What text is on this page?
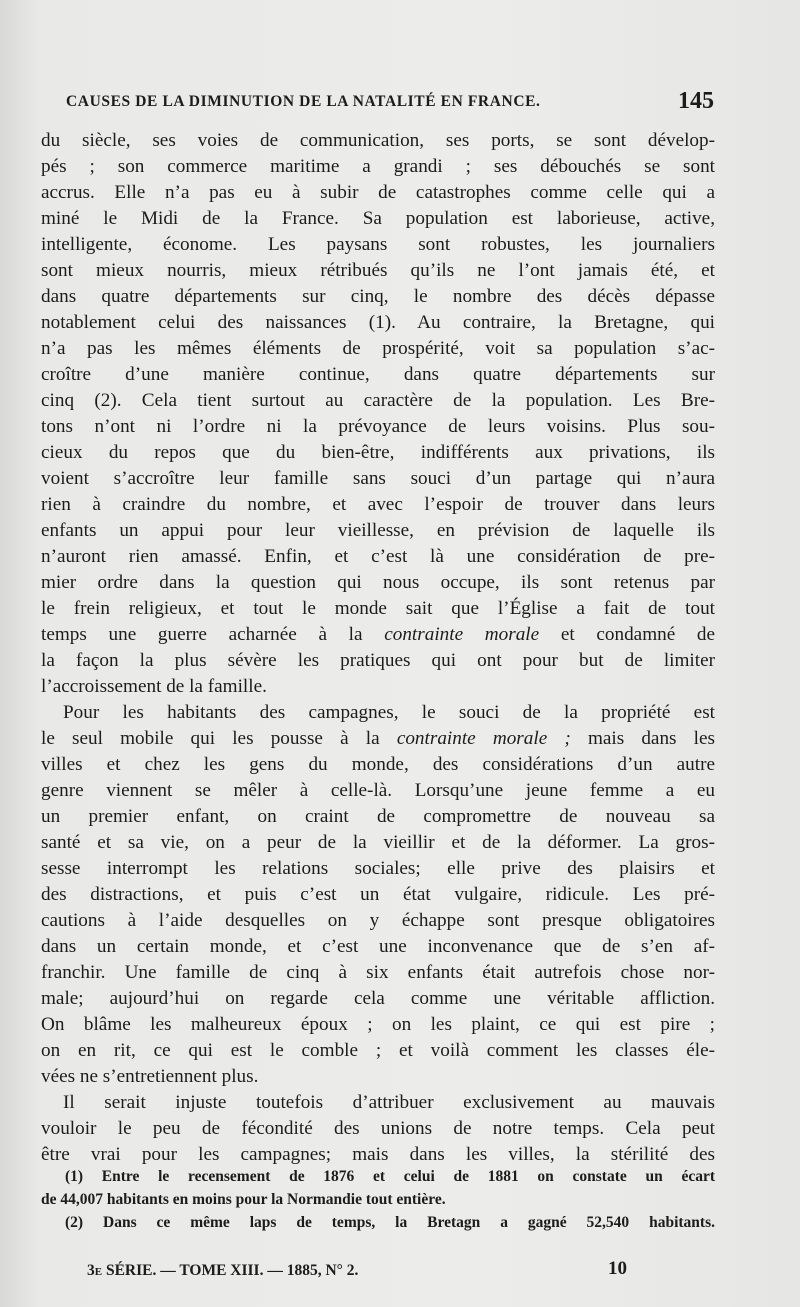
CAUSES DE LA DIMINUTION DE LA NATALITÉ EN FRANCE.	145

du siècle, ses voies de communication, ses ports, se sont dévelop-
pés ; son commerce maritime a grandi ; ses débouchés se sont
accrus. Elle n’a pas eu à subir de catastrophes comme celle qui a
miné le Midi de la France. Sa population est laborieuse, active,
intelligente, économe. Les paysans sont robustes, les journaliers
sont mieux nourris, mieux rétribués qu’ils ne l’ont jamais été, et
dans quatre départements sur cinq, le nombre des décès dépasse
notablement celui des naissances (1). Au contraire, la Bretagne, qui
n’a pas les mêmes éléments de prospérité, voit sa population s’ac-
croître d’une manière continue, dans quatre départements sur
cinq (2). Cela tient surtout au caractère de la population. Les Bre-
tons n’ont ni l’ordre ni la prévoyance de leurs voisins. Plus sou-
cieux du repos que du bien-être, indifférents aux privations, ils
voient s’accroître leur famille sans souci d’un partage qui n’aura
rien à craindre du nombre, et avec l’espoir de trouver dans leurs
enfants un appui pour leur vieillesse, en prévision de laquelle ils
n’auront rien amassé. Enfin, et c’est là une considération de pre-
mier ordre dans la question qui nous occupe, ils sont retenus par
le frein religieux, et tout le monde sait que l’Église a fait de tout
temps une guerre acharnée à la contrainte morale et condamné de
la façon la plus sévère les pratiques qui ont pour but de limiter
l’accroissement de la famille.

Pour les habitants des campagnes, le souci de la propriété est
le seul mobile qui les pousse à la contrainte morale ; mais dans les
villes et chez les gens du monde, des considérations d’un autre
genre viennent se mêler à celle-là. Lorsqu’une jeune femme a eu
un premier enfant, on craint de compromettre de nouveau sa
santé et sa vie, on a peur de la vieillir et de la déformer. La gros-
sesse interrompt les relations sociales; elle prive des plaisirs et
des distractions, et puis c’est un état vulgaire, ridicule. Les pré-
cautions à l’aide desquelles on y échappe sont presque obligatoires
dans un certain monde, et c’est une inconvenance que de s’en af-
franchir. Une famille de cinq à six enfants était autrefois chose nor-
male; aujourd’hui on regarde cela comme une véritable affliction.
On blâme les malheureux époux ; on les plaint, ce qui est pire ;
on en rit, ce qui est le comble ; et voilà comment les classes éle-
vées ne s’entretiennent plus.

Il serait injuste toutefois d’attribuer exclusivement au mauvais
vouloir le peu de fécondité des unions de notre temps. Cela peut
être vrai pour les campagnes; mais dans les villes, la stérilité des

(1) Entre le recensement de 1876 et celui de 1881 on constate un écart
de 44,007 habitants en moins pour la Normandie tout entière.
(2) Dans ce même laps de temps, la Bretagn a gagné 52,540 habitants.
3e SÉRIE. — TOME XIII. — 1885, N° 2.	10
